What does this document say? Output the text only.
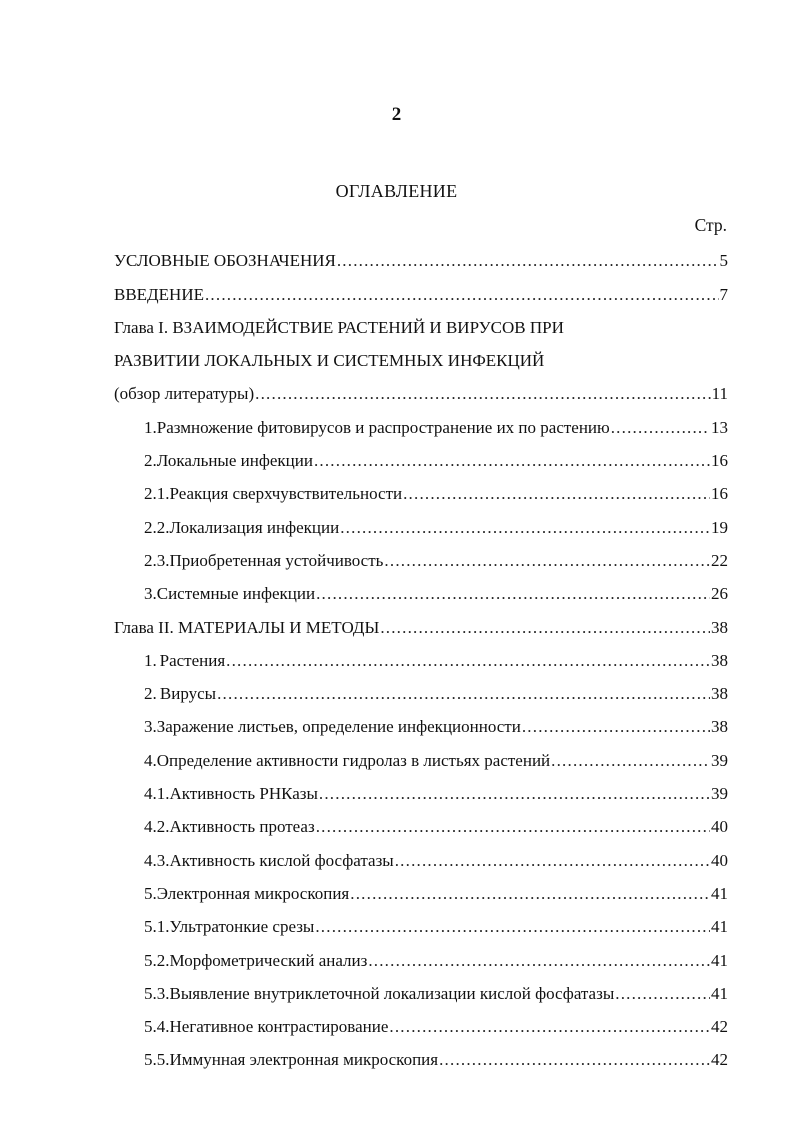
2
ОГЛАВЛЕНИЕ
Стр.
УСЛОВНЫЕ ОБОЗНАЧЕНИЯ .....	5
ВВЕДЕНИЕ .....	7
Глава I. ВЗАИМОДЕЙСТВИЕ РАСТЕНИЙ И ВИРУСОВ ПРИ
РАЗВИТИИ ЛОКАЛЬНЫХ И СИСТЕМНЫХ ИНФЕКЦИЙ
(обзор литературы) .....	11
1. Размножение фитовирусов и распространение их по растению .....	13
2. Локальные инфекции .....	16
2.1. Реакция сверхчувствительности .....	16
2.2. Локализация инфекции .....	19
2.3. Приобретенная устойчивость .....	22
3. Системные инфекции .....	26
Глава II. МАТЕРИАЛЫ И МЕТОДЫ .....	38
1. Растения .....	38
2. Вирусы .....	38
3. Заражение листьев, определение инфекционности .....	38
4. Определение активности гидролаз в листьях растений .....	39
4.1. Активность РНКазы .....	39
4.2. Активность протеаз .....	40
4.3. Активность кислой фосфатазы .....	40
5. Электронная микроскопия .....	41
5.1. Ультратонкие срезы .....	41
5.2. Морфометрический анализ .....	41
5.3. Выявление внутриклеточной локализации кислой фосфатазы .....	41
5.4. Негативное контрастирование .....	42
5.5. Иммунная электронная микроскопия .....	42
